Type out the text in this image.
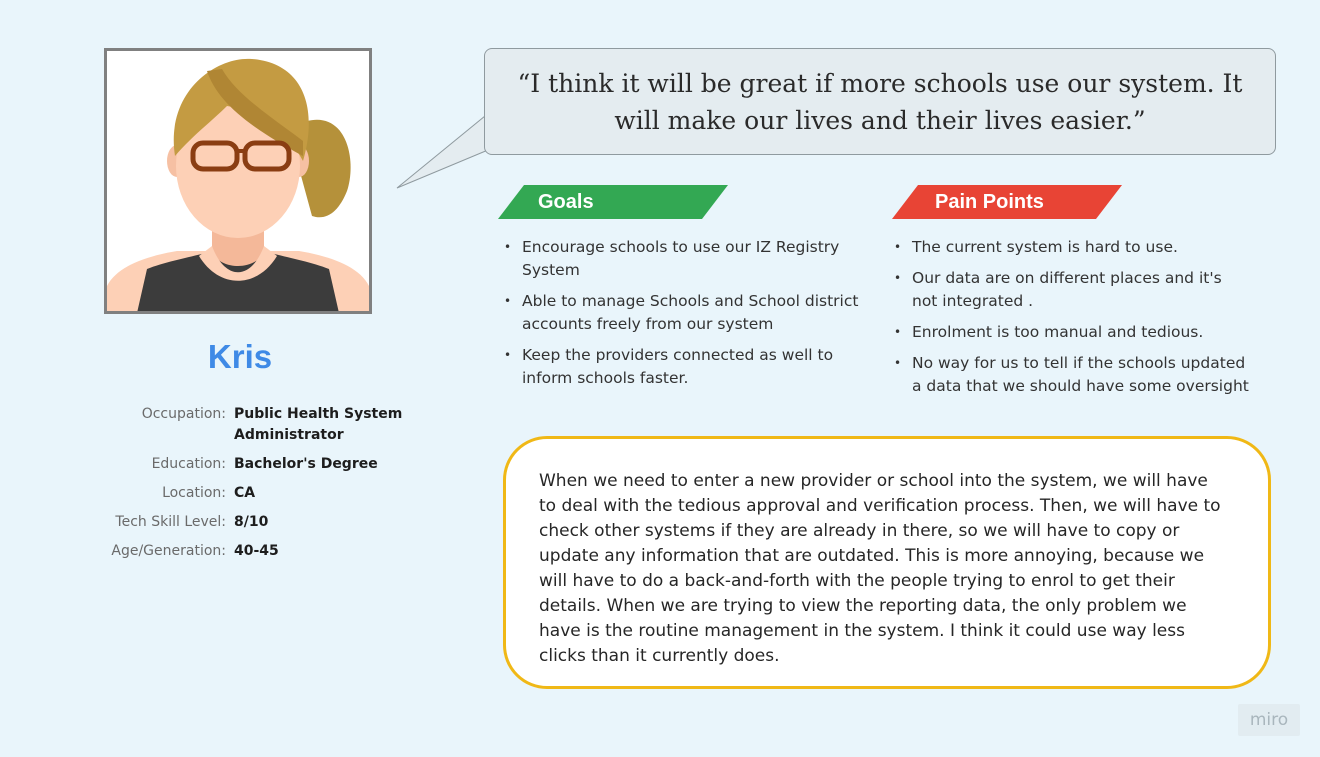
Kris
Occupation: Public Health System Administrator
Education: Bachelor's Degree
Location: CA
Tech Skill Level: 8/10
Age/Generation: 40-45
“I think it will be great if more schools use our system. It will make our lives and their lives easier.”
Goals	Pain Points
• Encourage schools to use our IZ Registry System
• Able to manage Schools and School district accounts freely from our system
• Keep the providers connected as well to inform schools faster.
• The current system is hard to use.
• Our data are on different places and it's not integrated .
• Enrolment is too manual and tedious.
• No way for us to tell if the schools updated a data that we should have some oversight
When we need to enter a new provider or school into the system, we will have to deal with the tedious approval and verification process. Then, we will have to check other systems if they are already in there, so we will have to copy or update any information that are outdated. This is more annoying, because we will have to do a back-and-forth with the people trying to enrol to get their details. When we are trying to view the reporting data, the only problem we have is the routine management in the system. I think it could use way less clicks than it currently does.
miro
